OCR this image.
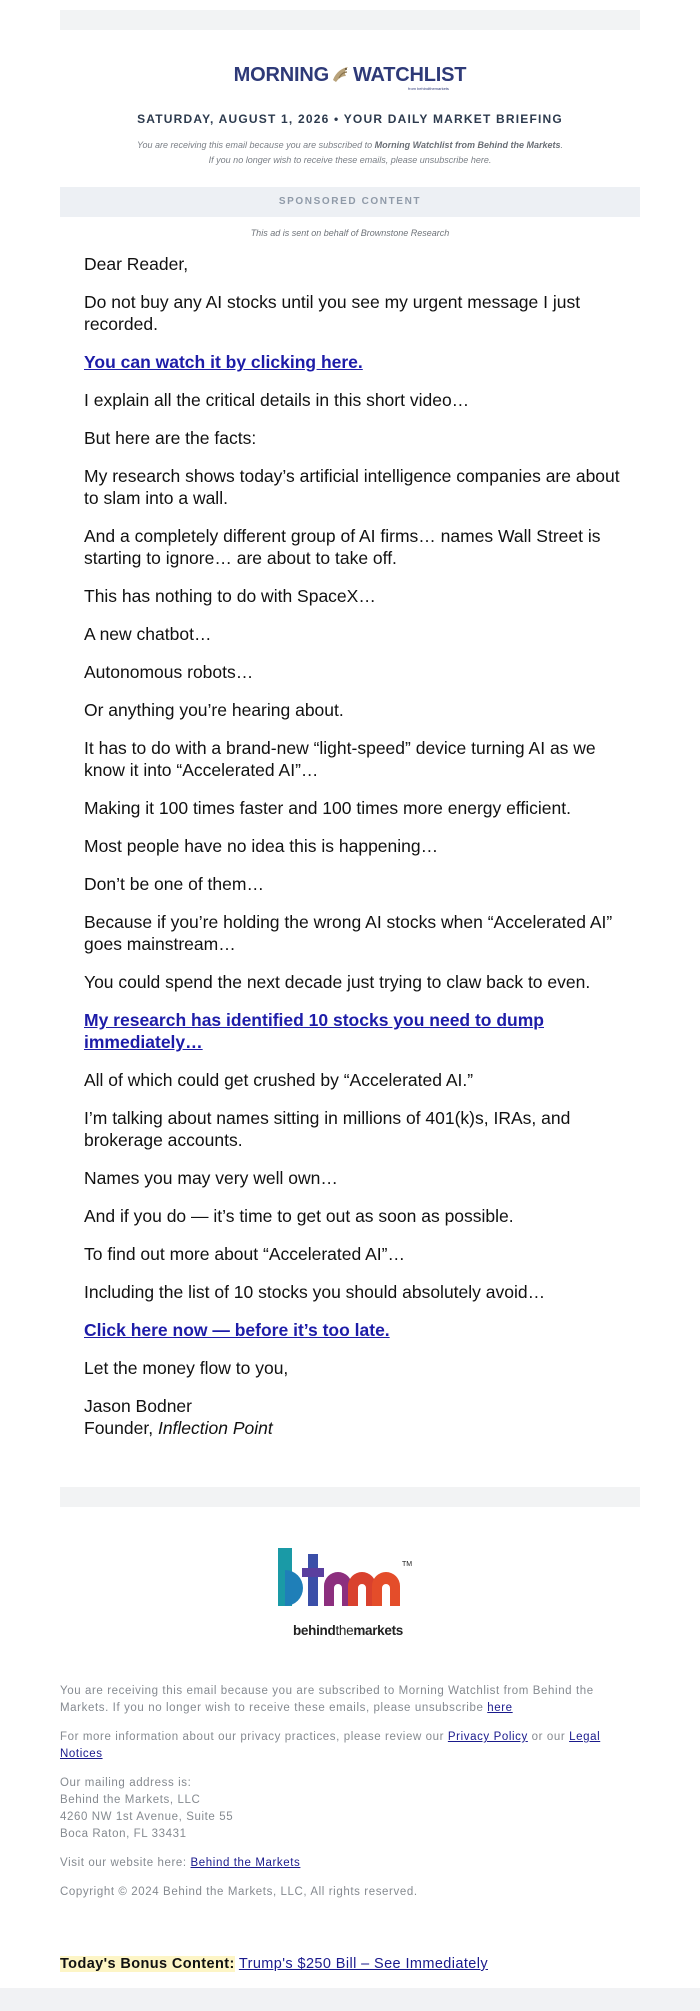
MORNING WATCHLIST
from behindthemarkets
SATURDAY, AUGUST 1, 2026 • YOUR DAILY MARKET BRIEFING
You are receiving this email because you are subscribed to Morning Watchlist from Behind the Markets.
If you no longer wish to receive these emails, please unsubscribe here.
SPONSORED CONTENT
This ad is sent on behalf of Brownstone Research

Dear Reader,

Do not buy any AI stocks until you see my urgent message I just recorded.

You can watch it by clicking here.

I explain all the critical details in this short video…

But here are the facts:

My research shows today’s artificial intelligence companies are about to slam into a wall.

And a completely different group of AI firms… names Wall Street is starting to ignore… are about to take off.

This has nothing to do with SpaceX…

A new chatbot…

Autonomous robots…

Or anything you’re hearing about.

It has to do with a brand-new “light-speed” device turning AI as we know it into “Accelerated AI”…

Making it 100 times faster and 100 times more energy efficient.

Most people have no idea this is happening…

Don’t be one of them…

Because if you’re holding the wrong AI stocks when “Accelerated AI” goes mainstream…

You could spend the next decade just trying to claw back to even.

My research has identified 10 stocks you need to dump immediately…

All of which could get crushed by “Accelerated AI.”

I’m talking about names sitting in millions of 401(k)s, IRAs, and brokerage accounts.

Names you may very well own…

And if you do — it’s time to get out as soon as possible.

To find out more about “Accelerated AI”…

Including the list of 10 stocks you should absolutely avoid…

Click here now — before it’s too late.

Let the money flow to you,

Jason Bodner
Founder, Inflection Point

TM
behindthemarkets

You are receiving this email because you are subscribed to Morning Watchlist from Behind the Markets. If you no longer wish to receive these emails, please unsubscribe here

For more information about our privacy practices, please review our Privacy Policy or our Legal Notices

Our mailing address is:
Behind the Markets, LLC
4260 NW 1st Avenue, Suite 55
Boca Raton, FL 33431

Visit our website here: Behind the Markets

Copyright © 2024 Behind the Markets, LLC, All rights reserved.

Today's Bonus Content: Trump's $250 Bill – See Immediately
